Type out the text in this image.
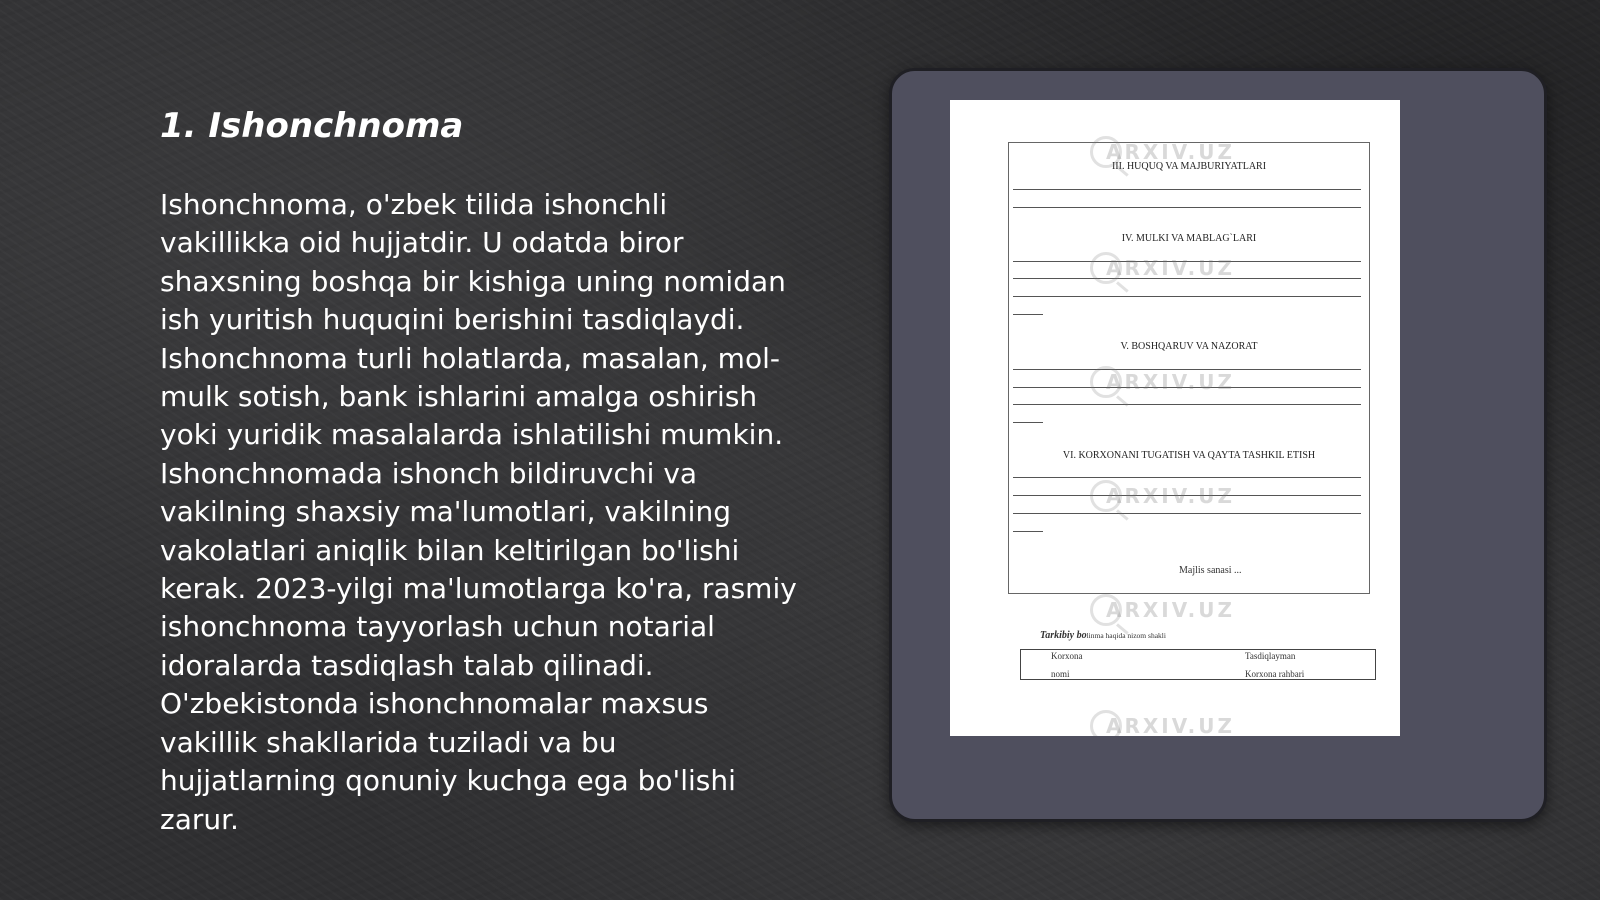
1. Ishonchnoma
Ishonchnoma, o'zbek tilida ishonchli
vakillikka oid hujjatdir. U odatda biror
shaxsning boshqa bir kishiga uning nomidan
ish yuritish huquqini berishini tasdiqlaydi.
Ishonchnoma turli holatlarda, masalan, mol-
mulk sotish, bank ishlarini amalga oshirish
yoki yuridik masalalarda ishlatilishi mumkin.
Ishonchnomada ishonch bildiruvchi va
vakilning shaxsiy ma'lumotlari, vakilning
vakolatlari aniqlik bilan keltirilgan bo'lishi
kerak. 2023-yilgi ma'lumotlarga ko'ra, rasmiy
ishonchnoma tayyorlash uchun notarial
idoralarda tasdiqlash talab qilinadi.
O'zbekistonda ishonchnomalar maxsus
vakillik shakllarida tuziladi va bu
hujjatlarning qonuniy kuchga ega bo'lishi
zarur.
III. HUQUQ VA MAJBURIYATLARI
IV. MULKI VA MABLAG`LARI
V. BOSHQARUV VA NAZORAT
VI. KORXONANI TUGATISH VA QAYTA TASHKIL ETISH
Majlis sanasi ...
ARXIV.UZ
ARXIV.UZ
ARXIV.UZ
ARXIV.UZ
ARXIV.UZ
ARXIV.UZ
Tarkibiy bolinma haqida nizom shakli
Korxona
nomi
Tasdiqlayman
Korxona rahbari
